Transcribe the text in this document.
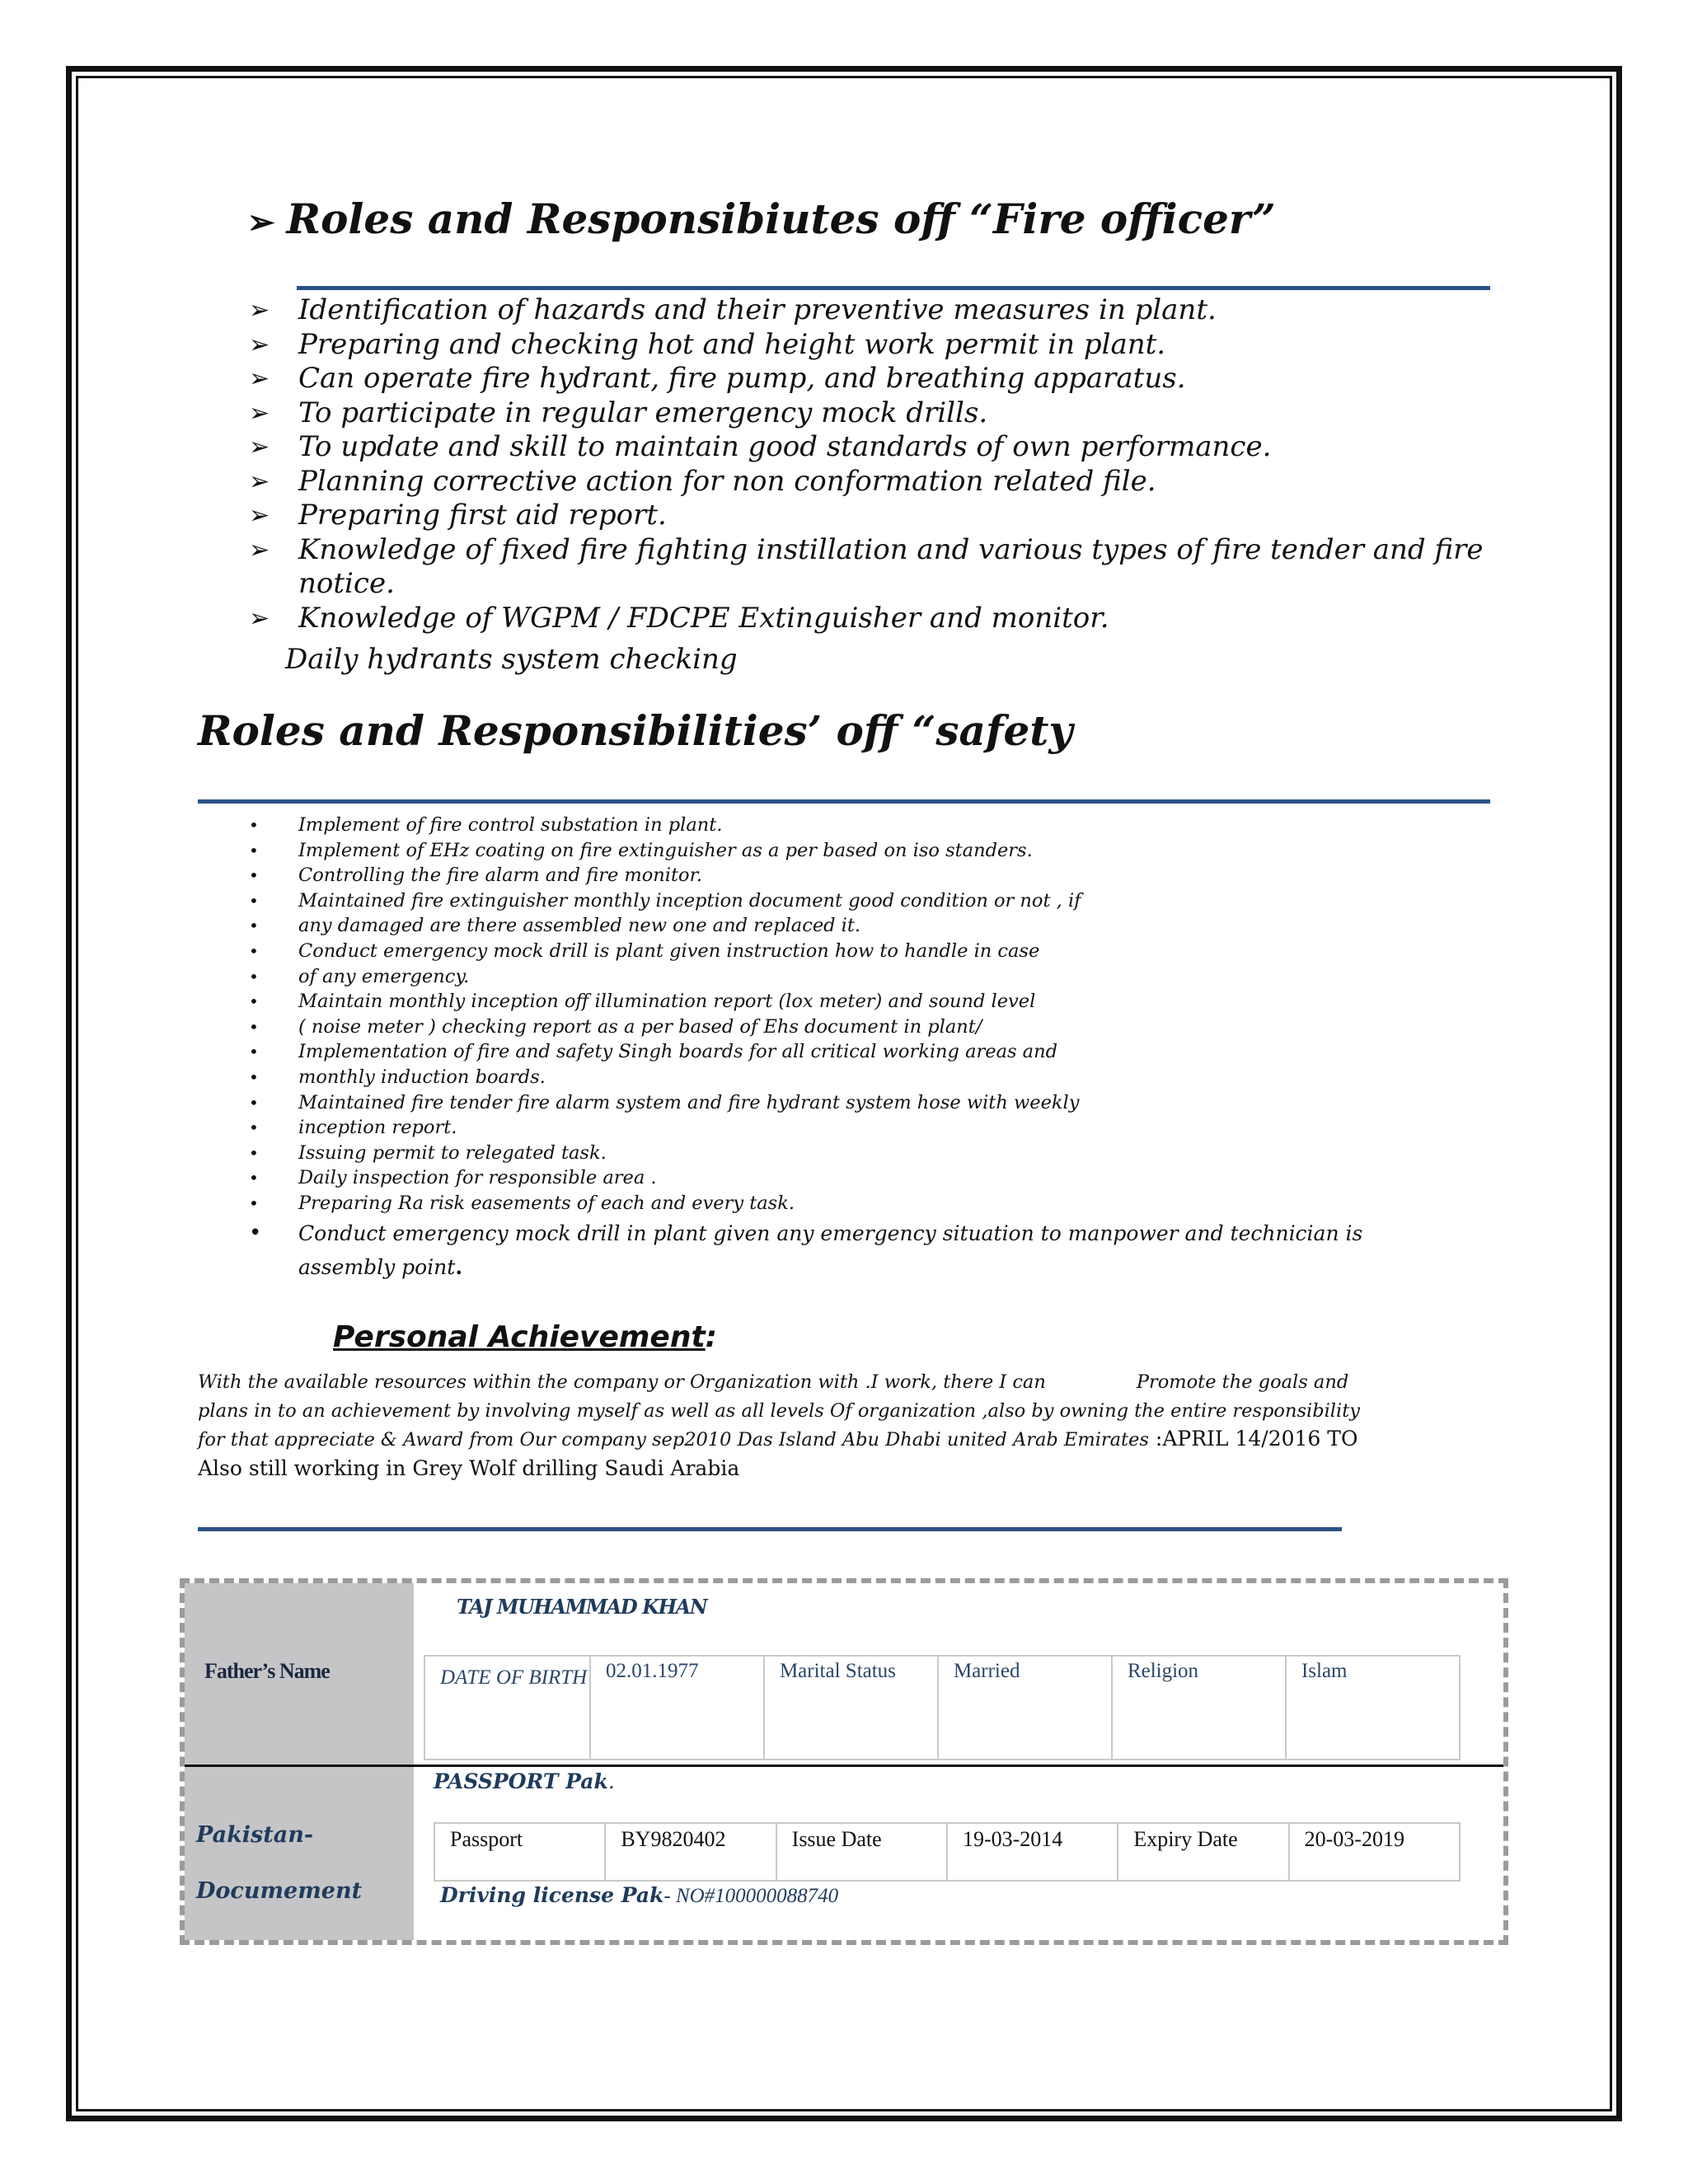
➢ Roles and Responsibiutes off “Fire officer”
➢ Identification of hazards and their preventive measures in plant.
➢ Preparing and checking hot and height work permit in plant.
➢ Can operate fire hydrant, fire pump, and breathing apparatus.
➢ To participate in regular emergency mock drills.
➢ To update and skill to maintain good standards of own performance.
➢ Planning corrective action for non conformation related file.
➢ Preparing first aid report.
➢ Knowledge of fixed fire fighting instillation and various types of fire tender and fire notice.
➢ Knowledge of WGPM / FDCPE Extinguisher and monitor.
Daily hydrants system checking
Roles and Responsibilities’ off “safety
• Implement of fire control substation in plant.
• Implement of EHz coating on fire extinguisher as a per based on iso standers.
• Controlling the fire alarm and fire monitor.
• Maintained fire extinguisher monthly inception document good condition or not , if
• any damaged are there assembled new one and replaced it.
• Conduct emergency mock drill is plant given instruction how to handle in case
• of any emergency.
• Maintain monthly inception off illumination report (lox meter) and sound level
• ( noise meter ) checking report as a per based of Ehs document in plant/
• Implementation of fire and safety Singh boards for all critical working areas and
• monthly induction boards.
• Maintained fire tender fire alarm system and fire hydrant system hose with weekly
• inception report.
• Issuing permit to relegated task.
• Daily inspection for responsible area .
• Preparing Ra risk easements of each and every task.
• Conduct emergency mock drill in plant given any emergency situation to manpower and technician is
assembly point.
Personal Achievement:
With the available resources within the company or Organization with .I work, there I can	Promote the goals and
plans in to an achievement by involving myself as well as all levels Of organization ,also by owning the entire responsibility
for that appreciate & Award from Our company sep2010 Das Island Abu Dhabi united Arab Emirates :APRIL 14/2016 TO
Also still working in Grey Wolf drilling Saudi Arabia
Father’s Name
TAJ MUHAMMAD KHAN
DATE OF BIRTH	02.01.1977	Marital Status	Married	Religion	Islam
Pakistan-
Documement
PASSPORT Pak.
Passport	BY9820402	Issue Date	19-03-2014	Expiry Date	20-03-2019
Driving license Pak- NO#100000088740
